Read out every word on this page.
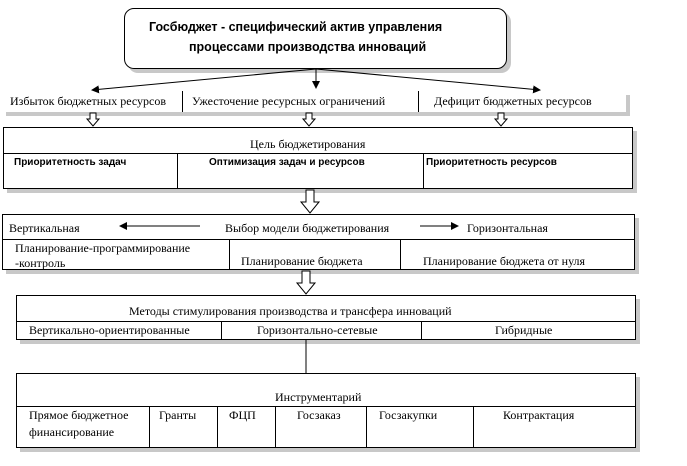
Госбюджет - специфический актив управления
процессами производства инноваций
Избыток бюджетных ресурсов Ужесточение ресурсных ограничений	Дефицит бюджетных ресурсов
Цель бюджетирования
Приоритетность задач	Оптимизация задач и ресурсов	Приоритетность ресурсов
Вертикальная	Выбор модели бюджетирования	Горизонтальная
Планирование-программирование
-контроль	Планирование бюджета	Планирование бюджета от нуля
Методы стимулирования производства и трансфера инноваций
Вертикально-ориентированные	Горизонтально-сетевые	Гибридные
Инструментарий
Прямое бюджетное
финансирование
Гранты	ФЦП	Госзаказ	Госзакупки	Контрактация
